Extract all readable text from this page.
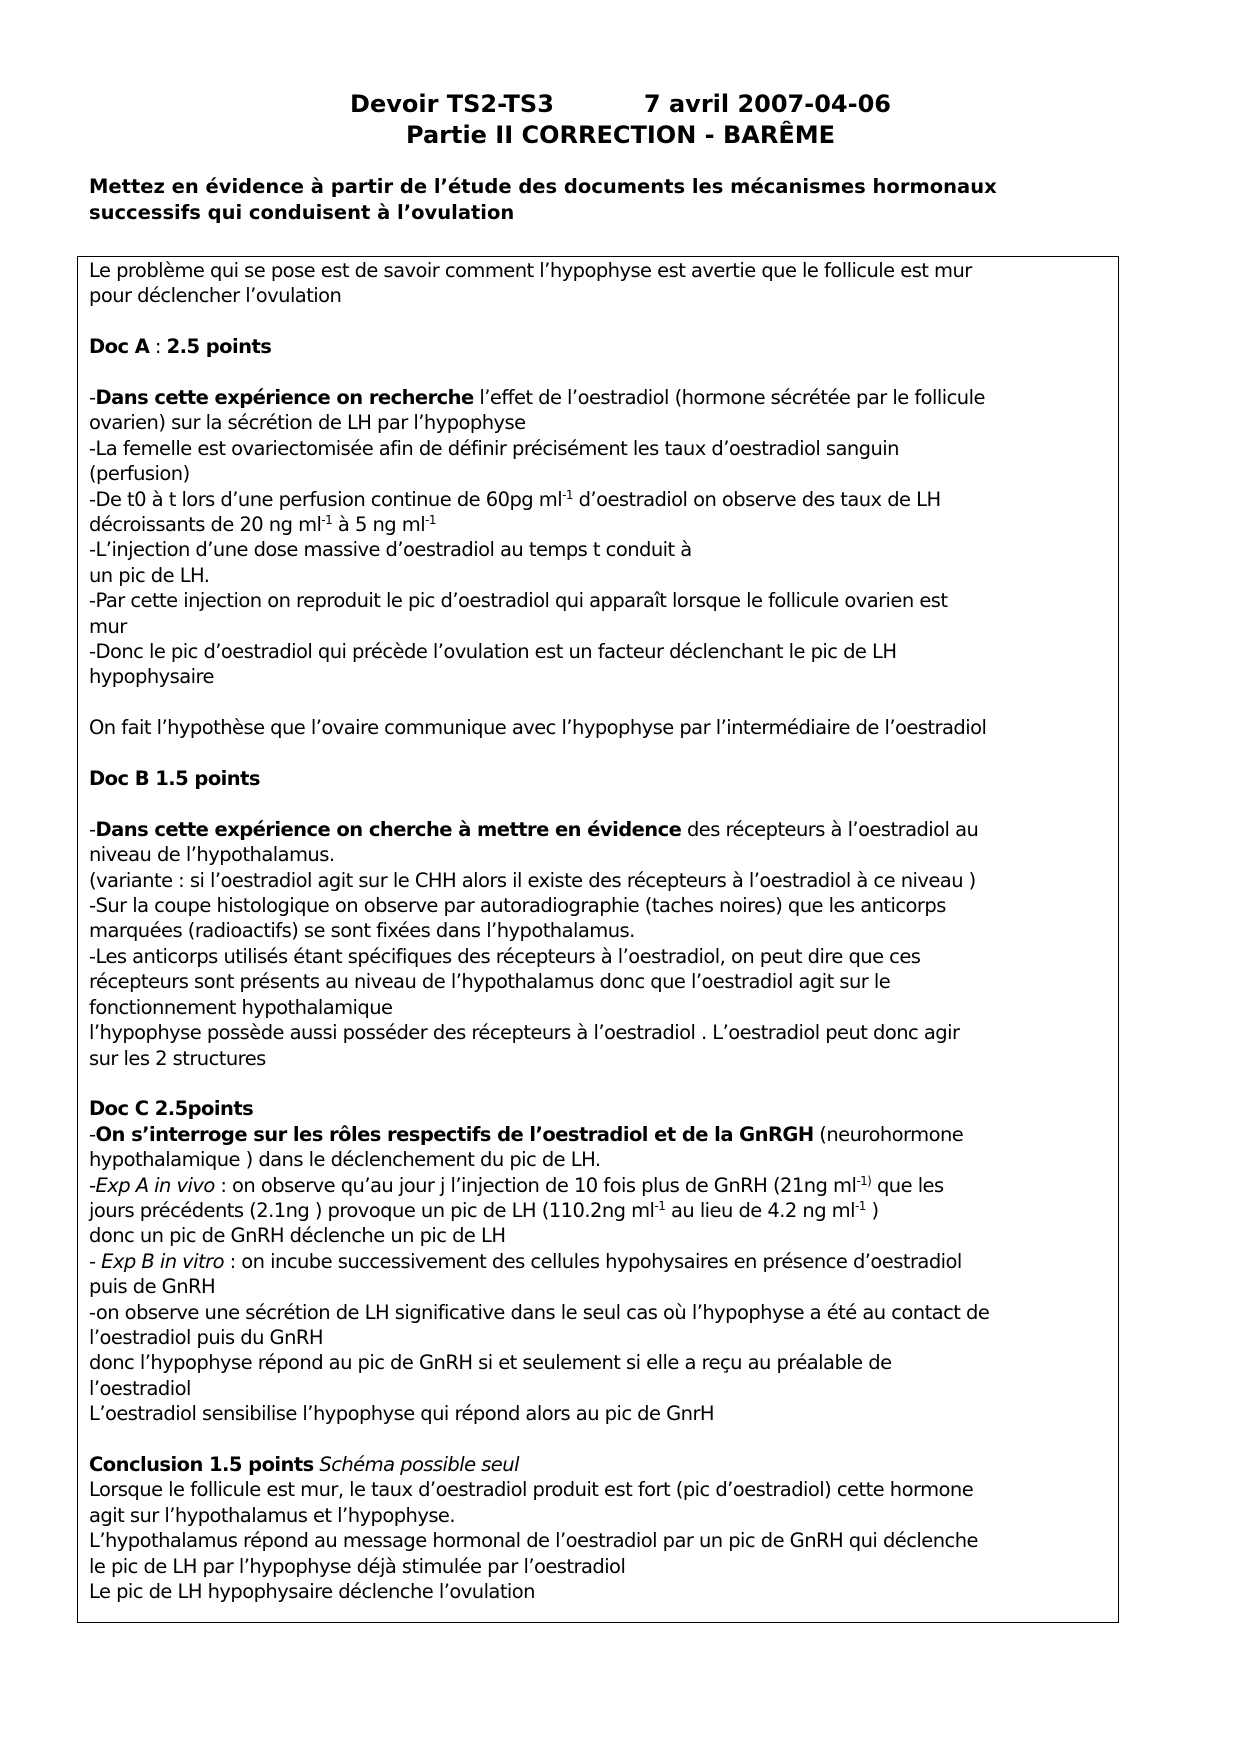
Devoir TS2-TS3	7 avril 2007-04-06
Partie II CORRECTION - BARÊME
Mettez en évidence à partir de l’étude des documents les mécanismes hormonaux
successifs qui conduisent à l’ovulation

Le problème qui se pose est de savoir comment l’hypophyse est avertie que le follicule est mur

pour déclencher l’ovulation

Doc A : 2.5 points

-Dans cette expérience on recherche l’effet de l’oestradiol (hormone sécrétée par le follicule

ovarien) sur la sécrétion de LH par l’hypophyse

-La femelle est ovariectomisée afin de définir précisément les taux d’oestradiol sanguin

(perfusion)

-De t0 à t lors d’une perfusion continue de 60pg $ml^{-1}$ d’oestradiol on observe des taux de LH

décroissants de 20 ng $ml^{-1}$ à 5 ng $ml^{-1}$

-L’injection d’une dose massive d’oestradiol au temps t conduit à

un pic de LH.

-Par cette injection on reproduit le pic d’oestradiol qui apparaît lorsque le follicule ovarien est

mur

-Donc le pic d’oestradiol qui précède l’ovulation est un facteur déclenchant le pic de LH

hypophysaire

On fait l’hypothèse que l’ovaire communique avec l’hypophyse par l’intermédiaire de l’oestradiol

Doc B 1.5 points

-Dans cette expérience on cherche à mettre en évidence des récepteurs à l’oestradiol au

niveau de l’hypothalamus.

(variante : si l’oestradiol agit sur le CHH alors il existe des récepteurs à l’oestradiol à ce niveau )

-Sur la coupe histologique on observe par autoradiographie (taches noires) que les anticorps

marquées (radioactifs) se sont fixées dans l’hypothalamus.

-Les anticorps utilisés étant spécifiques des récepteurs à l’oestradiol, on peut dire que ces

récepteurs sont présents au niveau de l’hypothalamus donc que l’oestradiol agit sur le

fonctionnement hypothalamique

l’hypophyse possède aussi posséder des récepteurs à l’oestradiol . L’oestradiol peut donc agir

sur les 2 structures

Doc C 2.5points

-On s’interroge sur les rôles respectifs de l’oestradiol et de la GnRGH (neurohormone

hypothalamique ) dans le déclenchement du pic de LH.

-Exp A in vivo : on observe qu’au jour j l’injection de 10 fois plus de GnRH (21ng $ml^{-1)}$ que les

jours précédents (2.1ng ) provoque un pic de LH (110.2ng $ml^{-1}$ au lieu de 4.2 ng $ml^{-1}$ )

donc un pic de GnRH déclenche un pic de LH

- Exp B in vitro : on incube successivement des cellules hypohysaires en présence d’oestradiol

puis de GnRH

-on observe une sécrétion de LH significative dans le seul cas où l’hypophyse a été au contact de

l’oestradiol puis du GnRH

donc l’hypophyse répond au pic de GnRH si et seulement si elle a reçu au préalable de

l’oestradiol

L’oestradiol sensibilise l’hypophyse qui répond alors au pic de GnrH

Conclusion 1.5 points Schéma possible seul

Lorsque le follicule est mur, le taux d’oestradiol produit est fort (pic d’oestradiol) cette hormone

agit sur l’hypothalamus et l’hypophyse.

L’hypothalamus répond au message hormonal de l’oestradiol par un pic de GnRH qui déclenche

le pic de LH par l’hypophyse déjà stimulée par l’oestradiol

Le pic de LH hypophysaire déclenche l’ovulation
